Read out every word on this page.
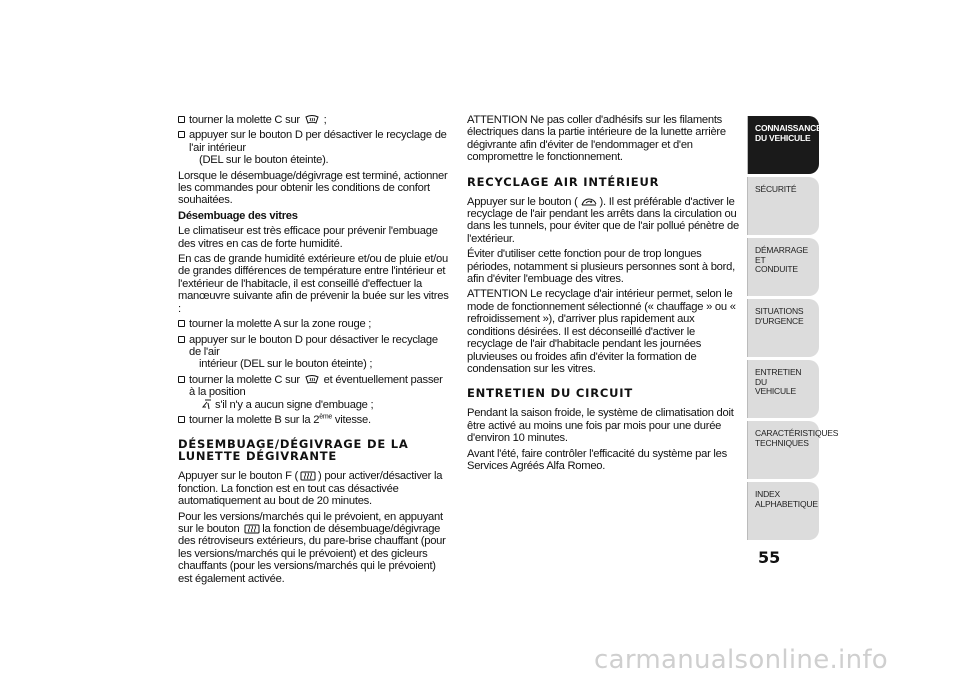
tourner la molette C sur ;
appuyer sur le bouton D per désactiver le recyclage de l'air intérieur
(DEL sur le bouton éteinte).

Lorsque le désembuage/dégivrage est terminé, actionner les commandes pour obtenir les conditions de confort souhaitées.

Désembuage des vitres

Le climatiseur est très efficace pour prévenir l'embuage des vitres en cas de forte humidité.

En cas de grande humidité extérieure et/ou de pluie et/ou de grandes différences de température entre l'intérieur et l'extérieur de l'habitacle, il est conseillé d'effectuer la manœuvre suivante afin de prévenir la buée sur les vitres :

tourner la molette A sur la zone rouge ;
appuyer sur le bouton D pour désactiver le recyclage de l'air
intérieur (DEL sur le bouton éteinte) ;
tourner la molette C sur et éventuellement passer à la position
s'il n'y a aucun signe d'embuage ;
tourner la molette B sur la 2ème vitesse.
DÉSEMBUAGE/DÉGIVRAGE DE LA LUNETTE DÉGIVRANTE

Appuyer sur le bouton F ( ) pour activer/désactiver la fonction. La fonction est en tout cas désactivée automatiquement au bout de 20 minutes.

Pour les versions/marchés qui le prévoient, en appuyant sur le bouton la fonction de désembuage/dégivrage des rétroviseurs extérieurs, du pare-brise chauffant (pour les versions/marchés qui le prévoient) et des gicleurs chauffants (pour les versions/marchés qui le prévoient) est également activée.

ATTENTION Ne pas coller d'adhésifs sur les filaments électriques dans la partie intérieure de la lunette arrière dégivrante afin d'éviter de l'endommager et d'en compromettre le fonctionnement.

RECYCLAGE AIR INTÉRIEUR

Appuyer sur le bouton ( ). Il est préférable d'activer le recyclage de l'air pendant les arrêts dans la circulation ou dans les tunnels, pour éviter que de l'air pollué pénètre de l'extérieur.

Éviter d'utiliser cette fonction pour de trop longues périodes, notamment si plusieurs personnes sont à bord, afin d'éviter l'embuage des vitres.

ATTENTION Le recyclage d'air intérieur permet, selon le mode de fonctionnement sélectionné (« chauffage » ou « refroidissement »), d'arriver plus rapidement aux conditions désirées. Il est déconseillé d'activer le recyclage de l'air d'habitacle pendant les journées pluvieuses ou froides afin d'éviter la formation de condensation sur les vitres.

ENTRETIEN DU CIRCUIT

Pendant la saison froide, le système de climatisation doit être activé au moins une fois par mois pour une durée d'environ 10 minutes.

Avant l'été, faire contrôler l'efficacité du système par les Services Agréés Alfa Romeo.

CONNAISSANCE
DU VEHICULE
SÉCURITÉ
DÉMARRAGE ET
CONDUITE
SITUATIONS
D'URGENCE
ENTRETIEN DU
VEHICULE
CARACTÉRISTIQUES
TECHNIQUES
INDEX
ALPHABETIQUE
55
carmanualsonline.info
